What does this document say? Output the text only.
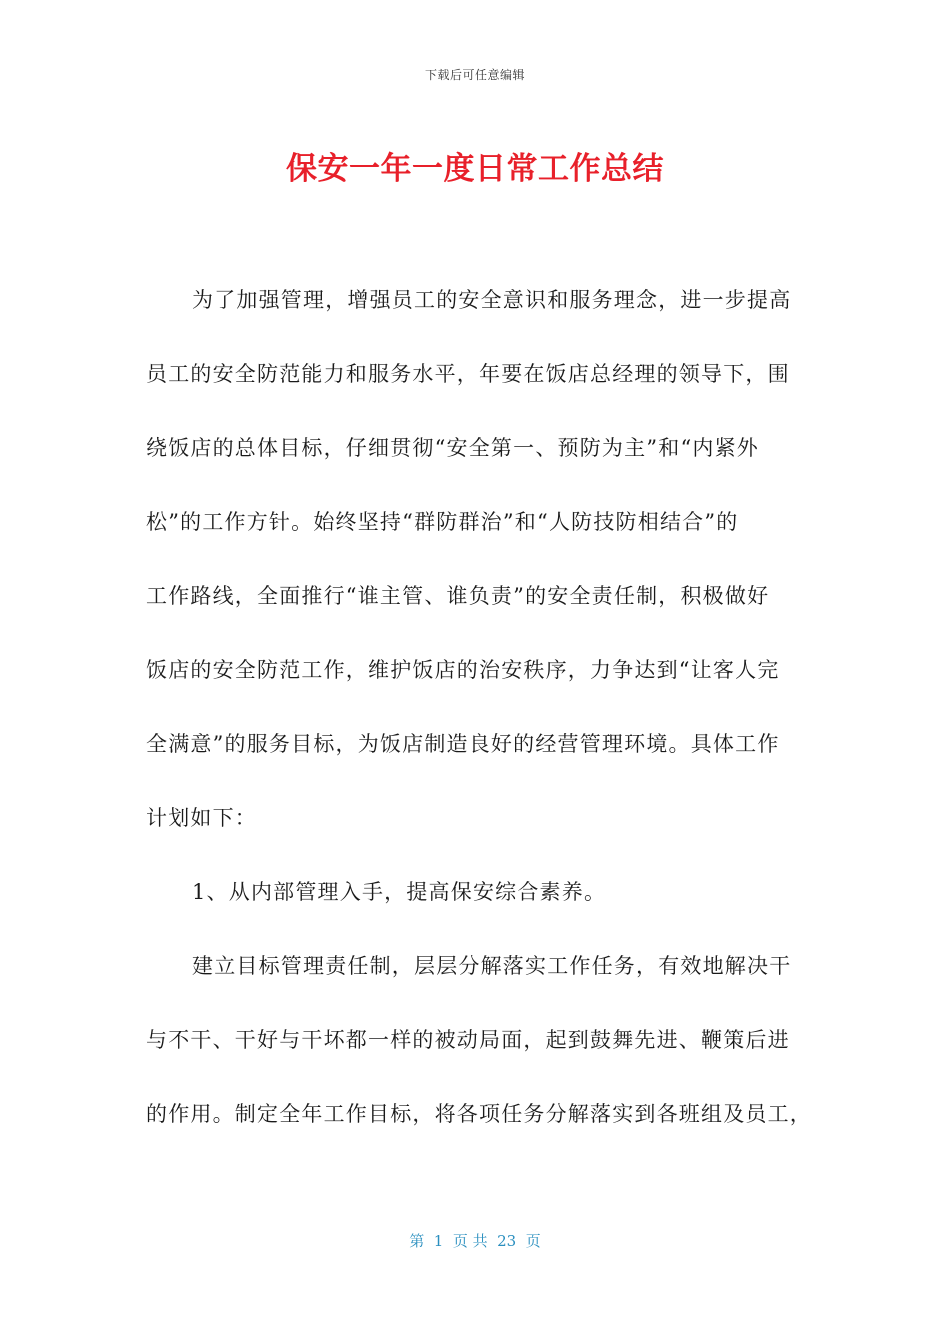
下载后可任意编辑
保安一年一度日常工作总结
为了加强管理，增强员工的安全意识和服务理念，进一步提高
员工的安全防范能力和服务水平，年要在饭店总经理的领导下，围
绕饭店的总体目标，仔细贯彻“安全第一、预防为主”和“内紧外
松”的工作方针。始终坚持“群防群治”和“人防技防相结合”的
工作路线，全面推行“谁主管、谁负责”的安全责任制，积极做好
饭店的安全防范工作，维护饭店的治安秩序，力争达到“让客人完
全满意”的服务目标，为饭店制造良好的经营管理环境。具体工作
计划如下：
1、从内部管理入手，提高保安综合素养。
建立目标管理责任制，层层分解落实工作任务，有效地解决干
与不干、干好与干坏都一样的被动局面，起到鼓舞先进、鞭策后进
的作用。制定全年工作目标，将各项任务分解落实到各班组及员工，
第  1  页 共  23  页
